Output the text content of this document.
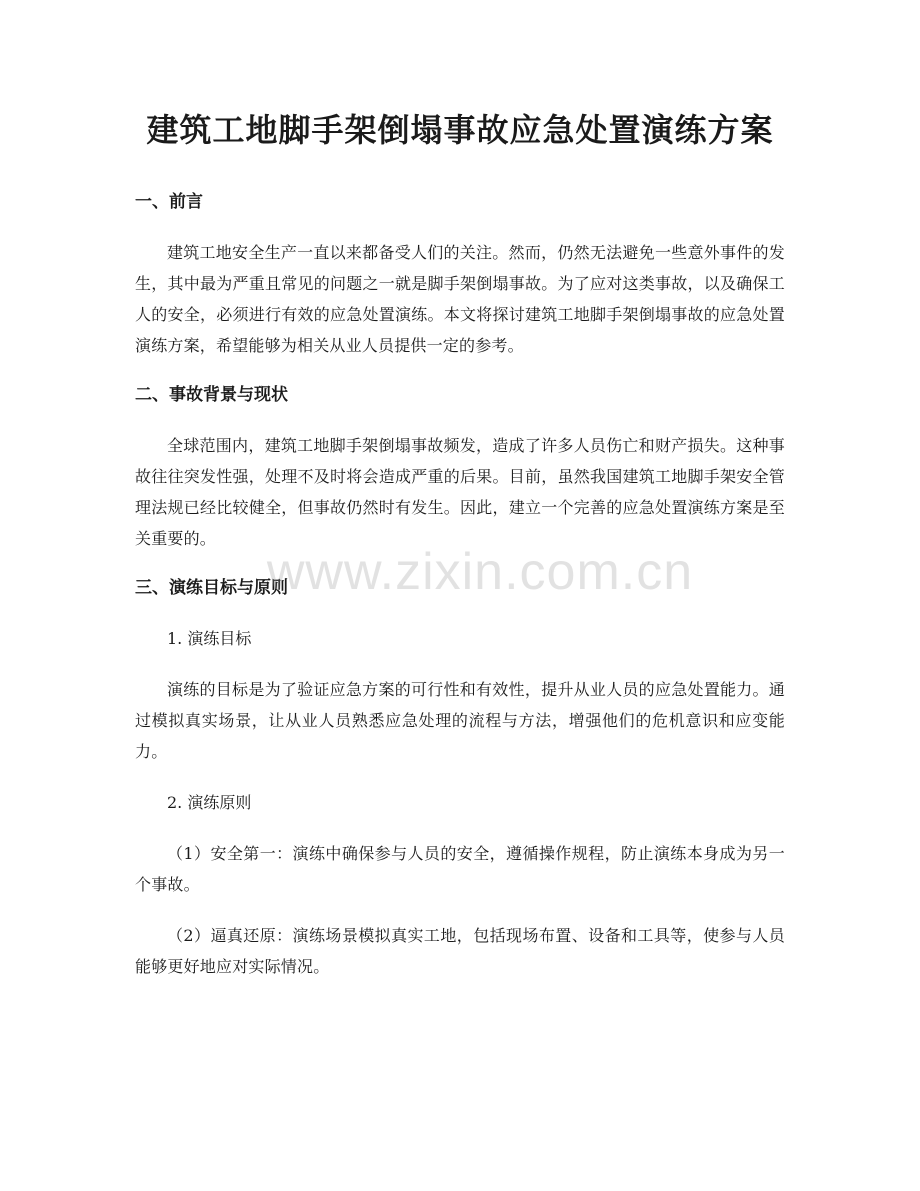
建筑工地脚手架倒塌事故应急处置演练方案
一、前言

建筑工地安全生产一直以来都备受人们的关注。然而，仍然无法避免一些意外事件的发生，其中最为严重且常见的问题之一就是脚手架倒塌事故。为了应对这类事故，以及确保工人的安全，必须进行有效的应急处置演练。本文将探讨建筑工地脚手架倒塌事故的应急处置演练方案，希望能够为相关从业人员提供一定的参考。

二、事故背景与现状

全球范围内，建筑工地脚手架倒塌事故频发，造成了许多人员伤亡和财产损失。这种事故往往突发性强，处理不及时将会造成严重的后果。目前，虽然我国建筑工地脚手架安全管理法规已经比较健全，但事故仍然时有发生。因此，建立一个完善的应急处置演练方案是至关重要的。

三、演练目标与原则

1. 演练目标

演练的目标是为了验证应急方案的可行性和有效性，提升从业人员的应急处置能力。通过模拟真实场景，让从业人员熟悉应急处理的流程与方法，增强他们的危机意识和应变能力。

2. 演练原则

（1）安全第一：演练中确保参与人员的安全，遵循操作规程，防止演练本身成为另一个事故。

（2）逼真还原：演练场景模拟真实工地，包括现场布置、设备和工具等，使参与人员能够更好地应对实际情况。

www.zixin.com.cn
